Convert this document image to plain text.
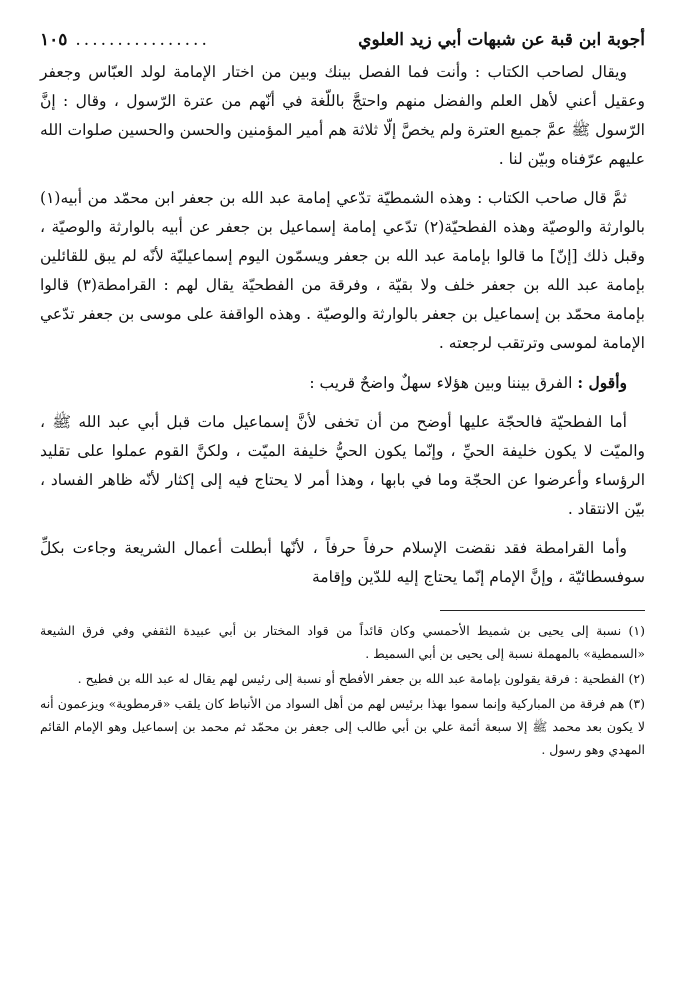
أجوبة ابن قبة عن شبهات أبي زيد العلوي
................
١٠٥

ويقال لصاحب الكتاب : وأنت فما الفصل بينك وبين من اختار الإمامة لولد العبّاس وجعفر وعقيل أعني لأهل العلم والفضل منهم واحتجَّ باللّغة في أنّهم من عترة الرّسول ، وقال : إنَّ الرّسول ﷺ عمَّ جميع العترة ولم يخصَّ إلّا ثلاثة هم أمير المؤمنين والحسن والحسين صلوات الله عليهم عرّفناه وبيّن لنا .

ثمَّ قال صاحب الكتاب : وهذه الشمطيّة تدّعي إمامة عبد الله بن جعفر ابن محمّد من أبيه(١) بالوارثة والوصيّة وهذه الفطحيّة(٢) تدّعي إمامة إسماعيل بن جعفر عن أبيه بالوارثة والوصيّة ، وقبل ذلك [إنّ] ما قالوا بإمامة عبد الله بن جعفر ويسمّون اليوم إسماعيليّة لأنّه لم يبق للقائلين بإمامة عبد الله بن جعفر خلف ولا بقيّة ، وفرقة من الفطحيّة يقال لهم : القرامطة(٣) قالوا بإمامة محمّد بن إسماعيل بن جعفر بالوارثة والوصيّة . وهذه الواقفة على موسى بن جعفر تدّعي الإمامة لموسى وترتقب لرجعته .

وأقول : الفرق بيننا وبين هؤلاء سهلٌ واضحٌ قريب :

أما الفطحيّة فالحجّة عليها أوضح من أن تخفى لأنَّ إسماعيل مات قبل أبي عبد الله ﷺ ، والميّت لا يكون خليفة الحيِّ ، وإنّما يكون الحيُّ خليفة الميّت ، ولكنَّ القوم عملوا على تقليد الرؤساء وأعرضوا عن الحجّة وما في بابها ، وهذا أمر لا يحتاج فيه إلى إكثار لأنّه ظاهر الفساد ، بيّن الانتقاد .

وأما القرامطة فقد نقضت الإسلام حرفاً حرفاً ، لأنّها أبطلت أعمال الشريعة وجاءت بكلِّ سوفسطائيّة ، وإنَّ الإمام إنّما يحتاج إليه للدّين وإقامة

(١) نسبة إلى يحيى بن شميط الأحمسي وكان قائداً من قواد المختار بن أبي عبيدة الثقفي وفي فرق الشيعة «السمطية» بالمهملة نسبة إلى يحيى بن أبي السميط .

(٢) الفطحية : فرقة يقولون بإمامة عبد الله بن جعفر الأفطح أو نسبة إلى رئيس لهم يقال له عبد الله بن فطيح .

(٣) هم فرقة من المباركية وإنما سموا بهذا برئيس لهم من أهل السواد من الأنباط كان يلقب «قرمطوية» ويزعمون أنه لا يكون بعد محمد ﷺ إلا سبعة أئمة علي بن أبي طالب إلى جعفر بن محمّد ثم محمد بن إسماعيل وهو الإمام القائم المهدي وهو رسول .
